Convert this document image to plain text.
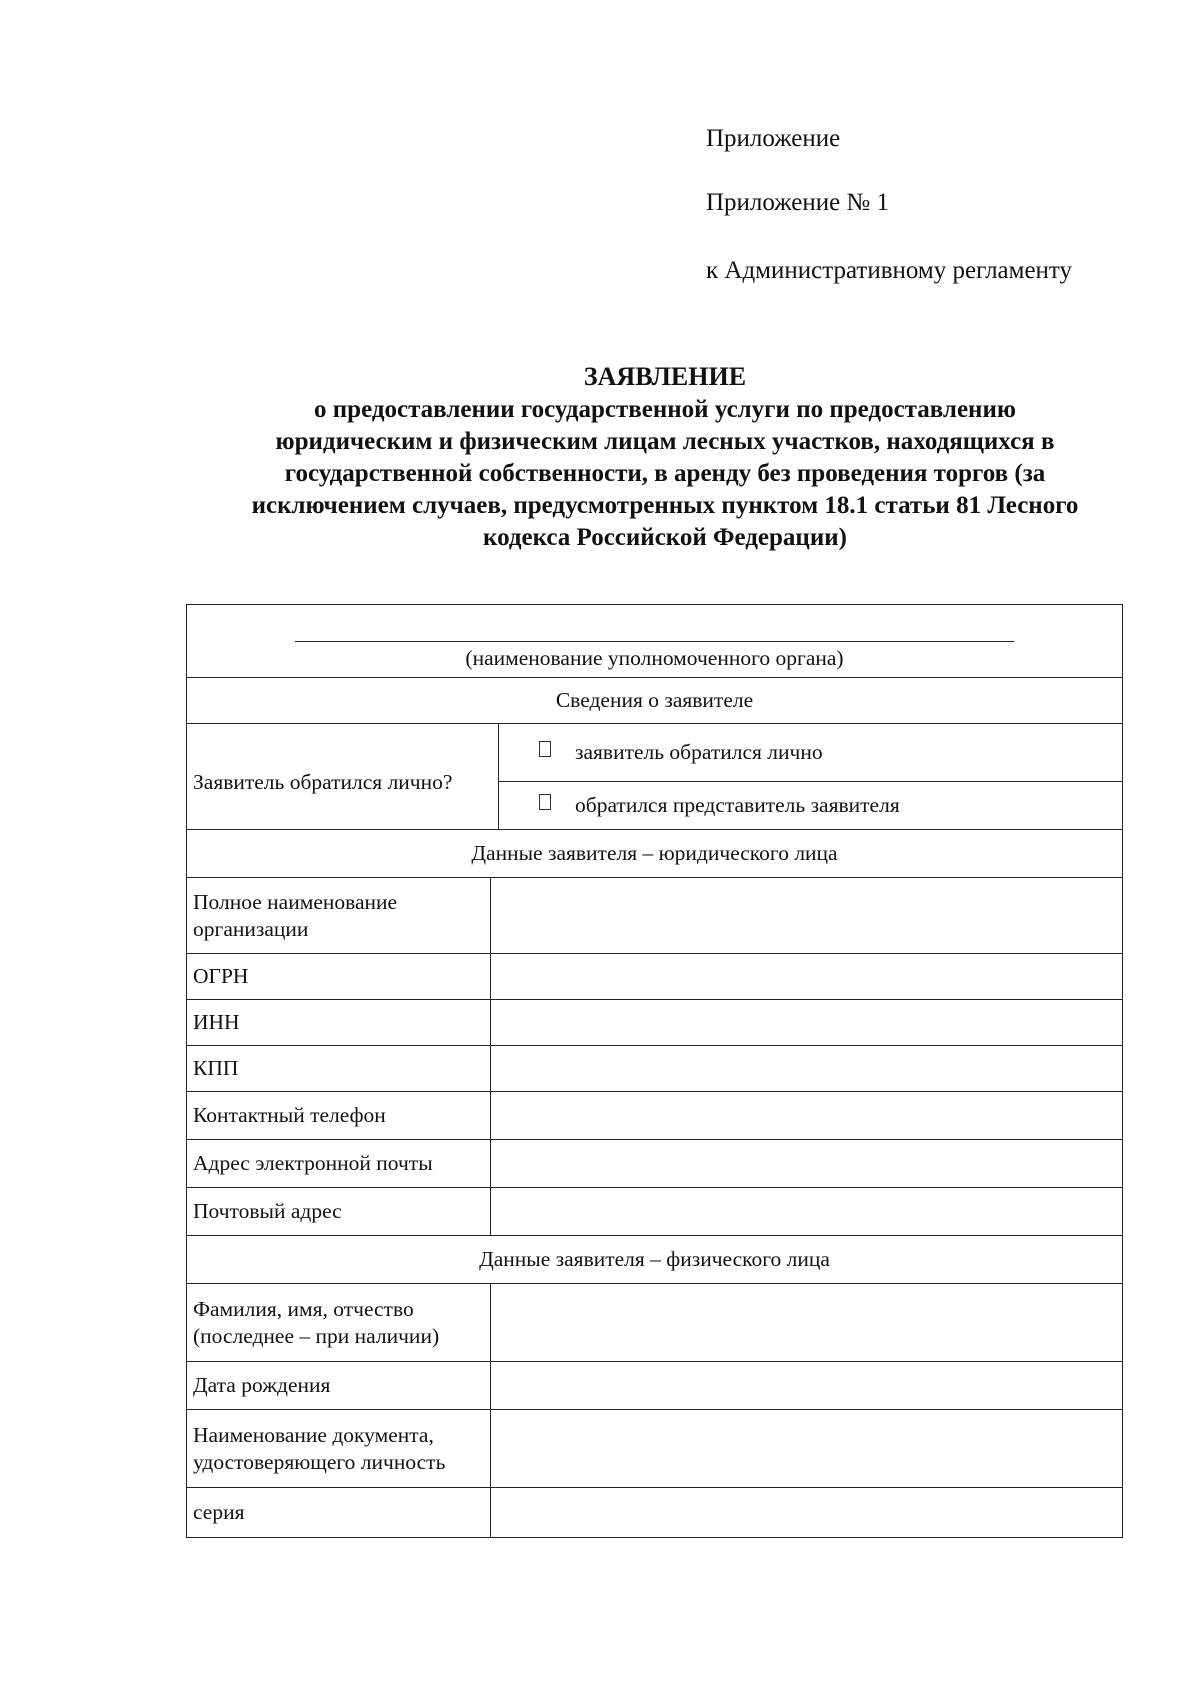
Приложение
Приложение № 1
к Административному регламенту
ЗАЯВЛЕНИЕ
о предоставлении государственной услуги по предоставлению юридическим и физическим лицам лесных участков, находящихся в государственной собственности, в аренду без проведения торгов (за исключением случаев, предусмотренных пунктом 18.1 статьи 81 Лесного кодекса Российской Федерации)
(наименование уполномоченного органа)		

Сведения о заявителе		
Заявитель обратился лично?		заявитель обратился лично
		обратился представитель заявителя
Данные заявителя – юридического лица		
Полное наименование организации		
ОГРН		
ИНН		
КПП		
Контактный телефон		
Адрес электронной почты		
Почтовый адрес		
Данные заявителя – физического лица		
Фамилия, имя, отчество (последнее – при наличии)		
Дата рождения		
Наименование документа, удостоверяющего личность		
серия		
